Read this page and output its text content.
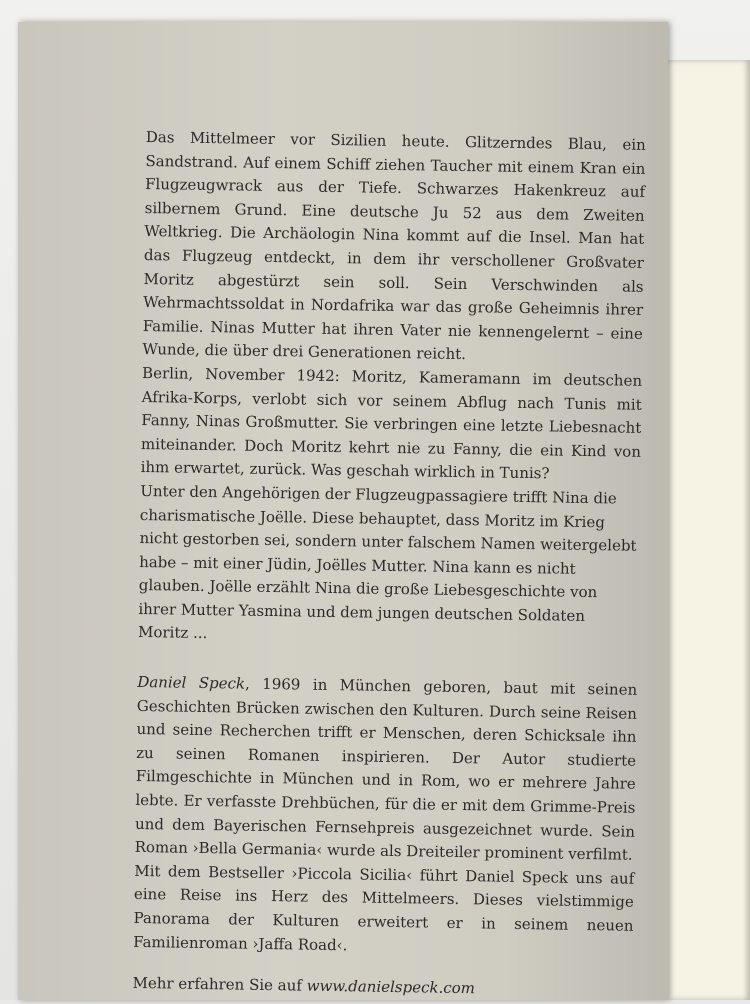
Das Mittelmeer vor Sizilien heute. Glitzerndes Blau, ein Sandstrand. Auf einem Schiff ziehen Taucher mit einem Kran ein Flugzeugwrack aus der Tiefe. Schwarzes Hakenkreuz auf silbernem Grund. Eine deutsche Ju 52 aus dem Zweiten Weltkrieg. Die Archäologin Nina kommt auf die Insel. Man hat das Flugzeug entdeckt, in dem ihr verschollener Großvater Moritz abgestürzt sein soll. Sein Verschwinden als Wehrmachtssoldat in Nordafrika war das große Geheimnis ihrer Familie. Ninas Mutter hat ihren Vater nie kennengelernt – eine Wunde, die über drei Generationen reicht.

Berlin, November 1942: Moritz, Kameramann im deutschen Afrika-Korps, verlobt sich vor seinem Abflug nach Tunis mit Fanny, Ninas Großmutter. Sie verbringen eine letzte Liebesnacht miteinander. Doch Moritz kehrt nie zu Fanny, die ein Kind von ihm erwartet, zurück. Was geschah wirklich in Tunis?

Unter den Angehörigen der Flugzeugpassagiere trifft Nina die charismatische Joëlle. Diese behauptet, dass Moritz im Krieg nicht gestorben sei, sondern unter falschem Namen weitergelebt habe – mit einer Jüdin, Joëlles Mutter. Nina kann es nicht glauben. Joëlle erzählt Nina die große Liebesgeschichte von ihrer Mutter Yasmina und dem jungen deutschen Soldaten Moritz ...

Daniel Speck, 1969 in München geboren, baut mit seinen Geschichten Brücken zwischen den Kulturen. Durch seine Reisen und seine Recherchen trifft er Menschen, deren Schicksale ihn zu seinen Romanen inspirieren. Der Autor studierte Filmgeschichte in München und in Rom, wo er mehrere Jahre lebte. Er verfasste Drehbüchen, für die er mit dem Grimme-Preis und dem Bayerischen Fernsehpreis ausgezeichnet wurde. Sein Roman ›Bella Germania‹ wurde als Dreiteiler prominent verfilmt.

Mit dem Bestseller ›Piccola Sicilia‹ führt Daniel Speck uns auf eine Reise ins Herz des Mittelmeers. Dieses vielstimmige Panorama der Kulturen erweitert er in seinem neuen Familienroman ›Jaffa Road‹.

Mehr erfahren Sie auf www.danielspeck.com
